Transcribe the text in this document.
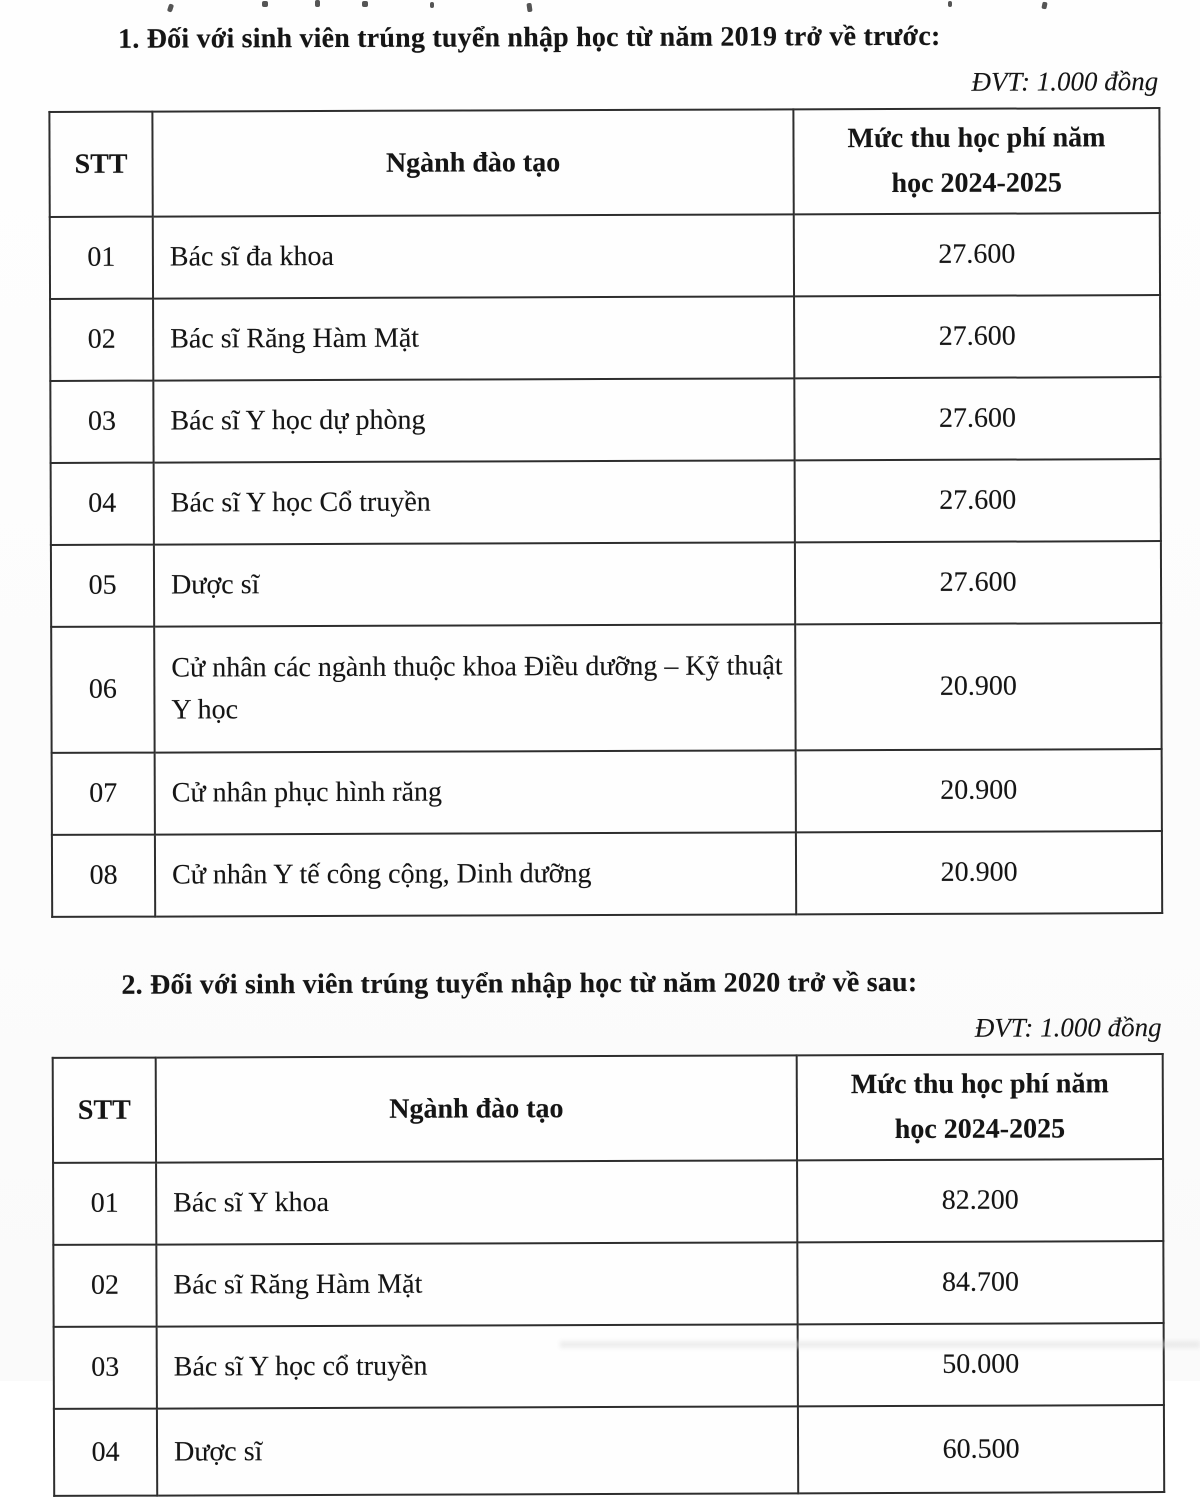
1. Đối với sinh viên trúng tuyển nhập học từ năm 2019 trở về trước:

ĐVT: 1.000 đồng
STT	Ngành đào tạo	Mức thu học phí năm học 2024-2025
01	Bác sĩ đa khoa	27.600
02	Bác sĩ Răng Hàm Mặt	27.600
03	Bác sĩ Y học dự phòng	27.600
04	Bác sĩ Y học Cổ truyền	27.600
05	Dược sĩ	27.600
06	Cử nhân các ngành thuộc khoa Điều dưỡng – Kỹ thuật Y học	20.900
07	Cử nhân phục hình răng	20.900
08	Cử nhân Y tế công cộng, Dinh dưỡng	20.900

2. Đối với sinh viên trúng tuyển nhập học từ năm 2020 trở về sau:

ĐVT: 1.000 đồng
STT	Ngành đào tạo	Mức thu học phí năm học 2024-2025
01	Bác sĩ Y khoa	82.200
02	Bác sĩ Răng Hàm Mặt	84.700
03	Bác sĩ Y học cổ truyền	50.000
04	Dược sĩ	60.500
